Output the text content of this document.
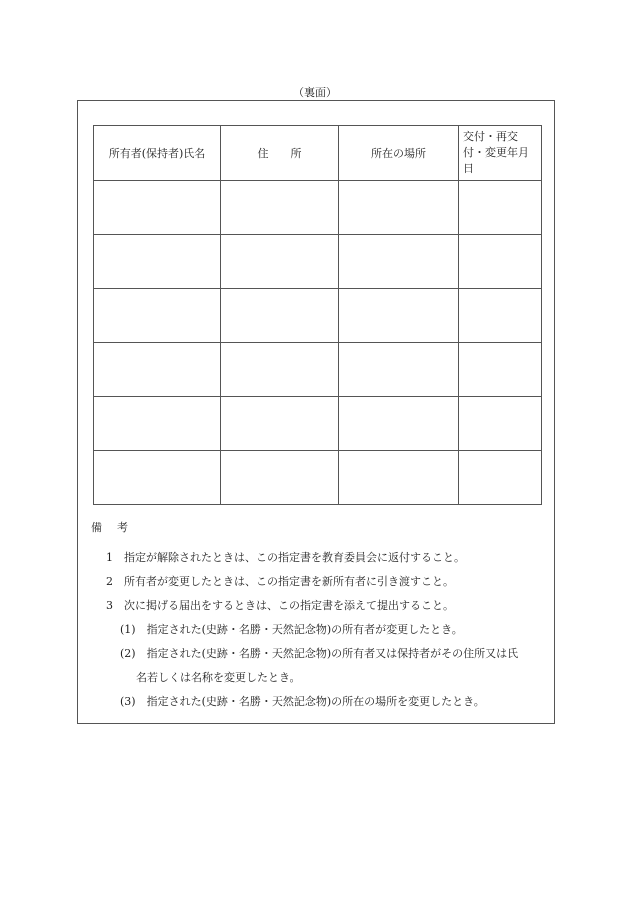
（裏面）
所有者(保持者)氏名	住　　所	所在の場所	交付・再交付・変更年月日

備　考
1　指定が解除されたときは、この指定書を教育委員会に返付すること。
2　所有者が変更したときは、この指定書を新所有者に引き渡すこと。
3　次に掲げる届出をするときは、この指定書を添えて提出すること。
(1)　指定された(史跡・名勝・天然記念物)の所有者が変更したとき。
(2)　指定された(史跡・名勝・天然記念物)の所有者又は保持者がその住所又は氏
名若しくは名称を変更したとき。
(3)　指定された(史跡・名勝・天然記念物)の所在の場所を変更したとき。
